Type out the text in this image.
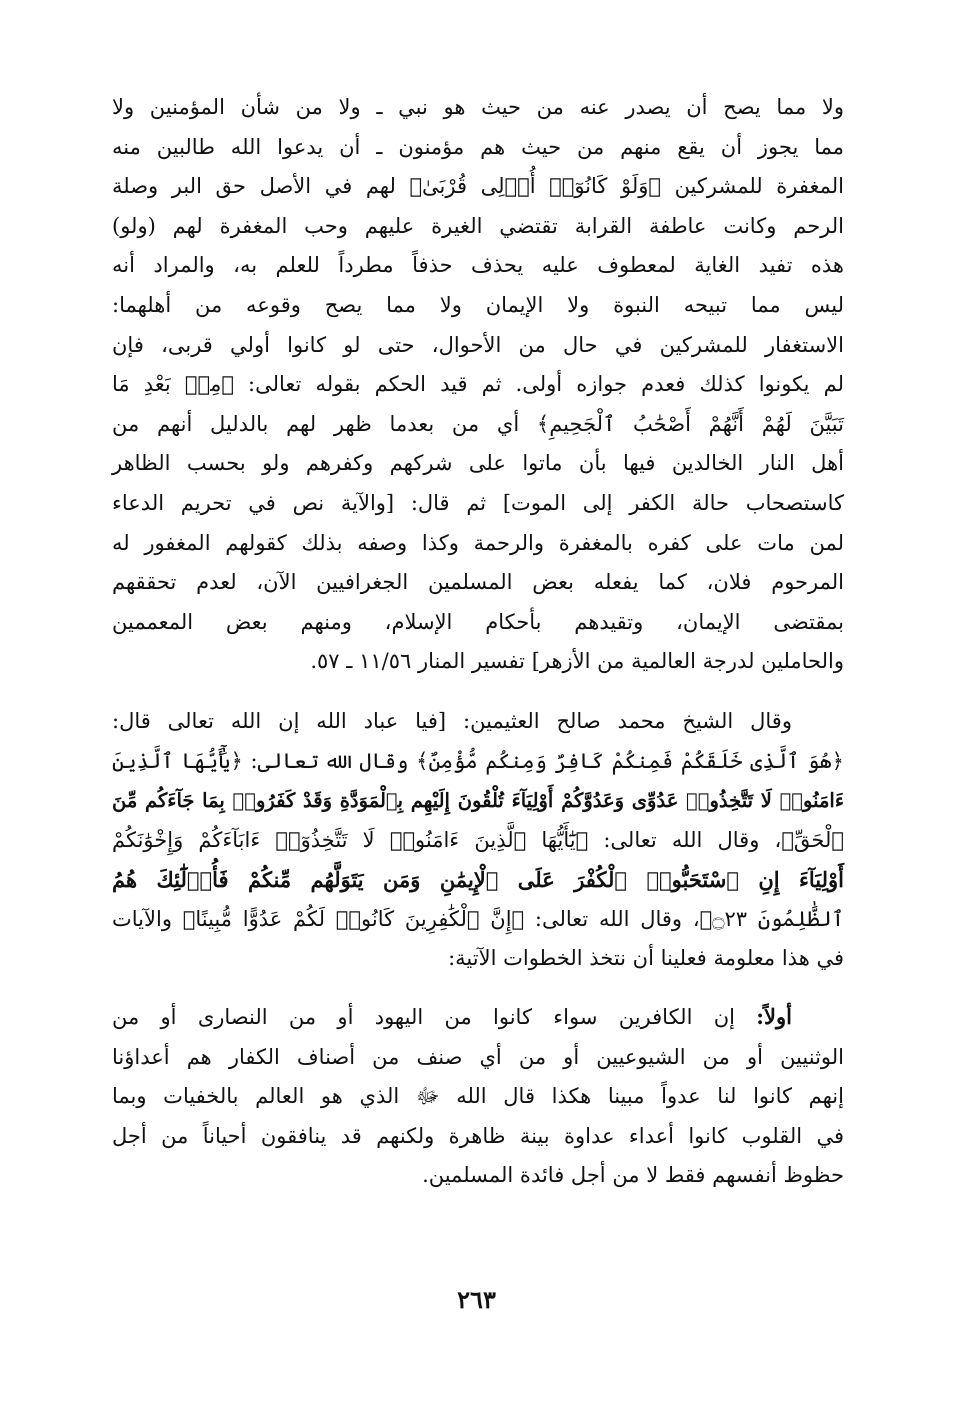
ولا مما يصح أن يصدر عنه من حيث هو نبي ـ ولا من شأن المؤمنين ولا

مما يجوز أن يقع منهم من حيث هم مؤمنون ـ أن يدعوا الله طالبين منه

المغفرة للمشركين ﴿وَلَوْ كَانُوٓا۟ أُو۟لِى قُرْبَىٰ﴾ لهم في الأصل حق البر وصلة

الرحم وكانت عاطفة القرابة تقتضي الغيرة عليهم وحب المغفرة لهم (ولو)

هذه تفيد الغاية لمعطوف عليه يحذف حذفاً مطرداً للعلم به، والمراد أنه

ليس مما تبيحه النبوة ولا الإيمان ولا مما يصح وقوعه من أهلهما:

الاستغفار للمشركين في حال من الأحوال، حتى لو كانوا أولي قربى، فإن

لم يكونوا كذلك فعدم جوازه أولى. ثم قيد الحكم بقوله تعالى: ﴿مِنۢ بَعْدِ مَا

تَبَيَّنَ لَهُمْ أَنَّهُمْ أَصْحَٰبُ ٱلْجَحِيمِ﴾ أي من بعدما ظهر لهم بالدليل أنهم من

أهل النار الخالدين فيها بأن ماتوا على شركهم وكفرهم ولو بحسب الظاهر

كاستصحاب حالة الكفر إلى الموت] ثم قال: [والآية نص في تحريم الدعاء

لمن مات على كفره بالمغفرة والرحمة وكذا وصفه بذلك كقولهم المغفور له

المرحوم فلان، كما يفعله بعض المسلمين الجغرافيين الآن، لعدم تحققهم

بمقتضى الإيمان، وتقيدهم بأحكام الإسلام، ومنهم بعض المعممين

والحاملين لدرجة العالمية من الأزهر] تفسير المنار ١١/٥٦ ـ ٥٧.

وقال الشيخ محمد صالح العثيمين: [فيا عباد الله إن الله تعالى قال:

﴿هُوَ ٱلَّذِى خَلَقَكُمْ فَمِنكُمْ كَافِرٌ وَمِنكُم مُّؤْمِنٌ﴾ وقال الله تعالى: ﴿يَٰٓأَيُّهَا ٱلَّذِينَ

ءَامَنُوا۟ لَا تَتَّخِذُوا۟ عَدُوِّى وَعَدُوَّكُمْ أَوْلِيَآءَ تُلْقُونَ إِلَيْهِم بِٱلْمَوَدَّةِ وَقَدْ كَفَرُوا۟ بِمَا جَآءَكُم مِّنَ

ٱلْحَقِّ﴾، وقال الله تعالى: ﴿يَٰٓأَيُّهَا ٱلَّذِينَ ءَامَنُوا۟ لَا تَتَّخِذُوٓا۟ ءَابَآءَكُمْ وَإِخْوَٰنَكُمْ

أَوْلِيَآءَ إِنِ ٱسْتَحَبُّوا۟ ٱلْكُفْرَ عَلَى ٱلْإِيمَٰنِ وَمَن يَتَوَلَّهُم مِّنكُمْ فَأُو۟لَٰٓئِكَ هُمُ

ٱلظَّٰلِمُونَ ۝٢٣﴾، وقال الله تعالى: ﴿إِنَّ ٱلْكَٰفِرِينَ كَانُوا۟ لَكُمْ عَدُوًّا مُّبِينًا﴾ والآيات

في هذا معلومة فعلينا أن نتخذ الخطوات الآتية:

أولاً: إن الكافرين سواء كانوا من اليهود أو من النصارى أو من

الوثنيين أو من الشيوعيين أو من أي صنف من أصناف الكفار هم أعداؤنا

إنهم كانوا لنا عدواً مبينا هكذا قال الله ﷻ الذي هو العالم بالخفيات وبما

في القلوب كانوا أعداء عداوة بينة ظاهرة ولكنهم قد ينافقون أحياناً من أجل

حظوظ أنفسهم فقط لا من أجل فائدة المسلمين.

٢٦٣
